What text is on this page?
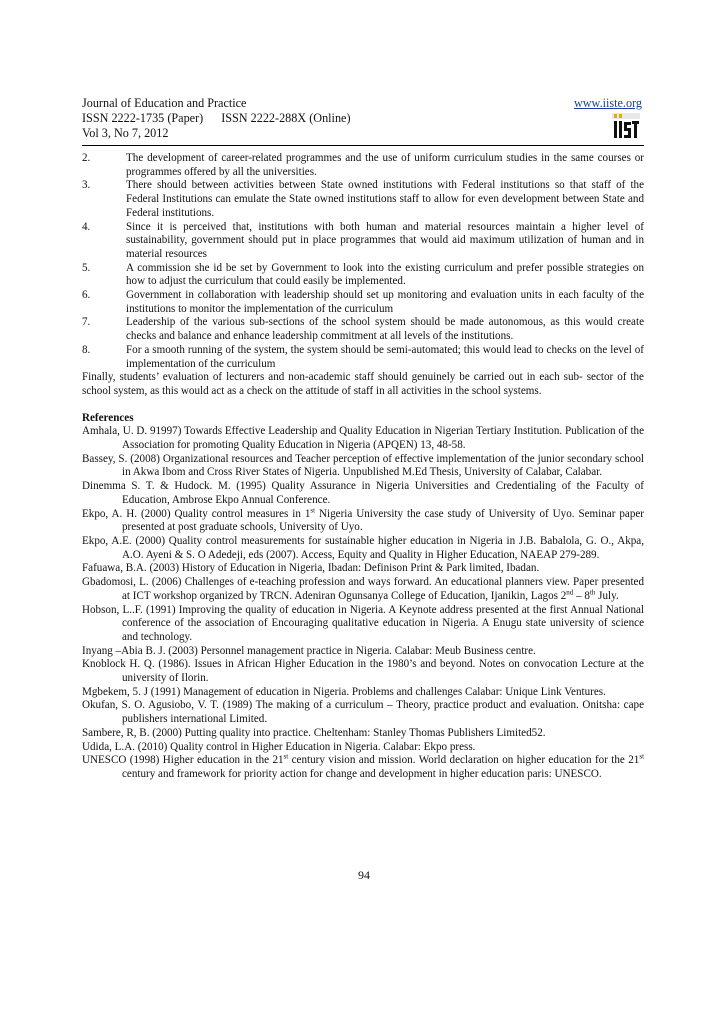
Journal of Education and Practice	www.iiste.org
ISSN 2222-1735 (Paper) ISSN 2222-288X (Online)
Vol 3, No 7, 2012
2.	The development of career-related programmes and the use of uniform curriculum studies in the same courses or programmes offered by all the universities.
3.	There should between activities between State owned institutions with Federal institutions so that staff of the Federal Institutions can emulate the State owned institutions staff to allow for even development between State and Federal institutions.
4.	Since it is perceived that, institutions with both human and material resources maintain a higher level of sustainability, government should put in place programmes that would aid maximum utilization of human and in material resources
5.	A commission she id be set by Government to look into the existing curriculum and prefer possible strategies on how to adjust the curriculum that could easily be implemented.
6.	Government in collaboration with leadership should set up monitoring and evaluation units in each faculty of the institutions to monitor the implementation of the curriculum
7.	Leadership of the various sub-sections of the school system should be made autonomous, as this would create checks and balance and enhance leadership commitment at all levels of the institutions.
8.	For a smooth running of the system, the system should be semi-automated; this would lead to checks on the level of implementation of the curriculum

Finally, students’ evaluation of lecturers and non-academic staff should genuinely be carried out in each sub- sector of the school system, as this would act as a check on the attitude of staff in all activities in the school systems.

References

Amhala, U. D. 91997) Towards Effective Leadership and Quality Education in Nigerian Tertiary Institution. Publication of the Association for promoting Quality Education in Nigeria (APQEN) 13, 48-58.

Bassey, S. (2008) Organizational resources and Teacher perception of effective implementation of the junior secondary school in Akwa Ibom and Cross River States of Nigeria. Unpublished M.Ed Thesis, University of Calabar, Calabar.

Dinemma S. T. & Hudock. M. (1995) Quality Assurance in Nigeria Universities and Credentialing of the Faculty of Education, Ambrose Ekpo Annual Conference.

Ekpo, A. H. (2000) Quality control measures in 1st Nigeria University the case study of University of Uyo. Seminar paper presented at post graduate schools, University of Uyo.

Ekpo, A.E. (2000) Quality control measurements for sustainable higher education in Nigeria in J.B. Babalola, G. O., Akpa, A.O. Ayeni & S. O Adedeji, eds (2007). Access, Equity and Quality in Higher Education, NAEAP 279-289.

Fafuawa, B.A. (2003) History of Education in Nigeria, Ibadan: Definison Print & Park limited, Ibadan.

Gbadomosi, L. (2006) Challenges of e-teaching profession and ways forward. An educational planners view. Paper presented at ICT workshop organized by TRCN. Adeniran Ogunsanya College of Education, Ijanikin, Lagos 2nd – 8th July.

Hobson, L..F. (1991) Improving the quality of education in Nigeria. A Keynote address presented at the first Annual National conference of the association of Encouraging qualitative education in Nigeria. A Enugu state university of science and technology.

Inyang –Abia B. J. (2003) Personnel management practice in Nigeria. Calabar: Meub Business centre.

Knoblock H. Q. (1986). Issues in African Higher Education in the 1980’s and beyond. Notes on convocation Lecture at the university of Ilorin.

Mgbekem, 5. J (1991) Management of education in Nigeria. Problems and challenges Calabar: Unique Link Ventures.

Okufan, S. O. Agusiobo, V. T. (1989) The making of a curriculum – Theory, practice product and evaluation. Onitsha: cape publishers international Limited.

Sambere, R, B. (2000) Putting quality into practice. Cheltenham: Stanley Thomas Publishers Limited52.

Udida, L.A. (2010) Quality control in Higher Education in Nigeria. Calabar: Ekpo press.

UNESCO (1998) Higher education in the 21st century vision and mission. World declaration on higher education for the 21st century and framework for priority action for change and development in higher education paris: UNESCO.

94
